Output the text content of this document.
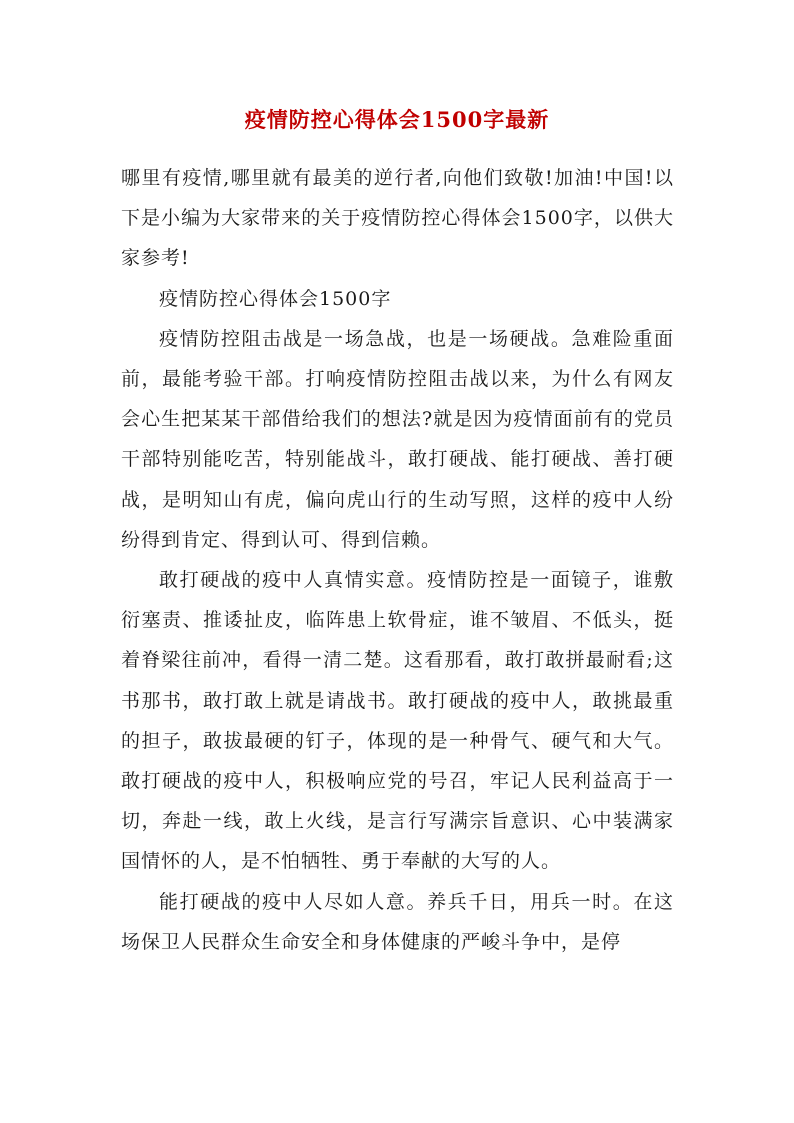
疫情防控心得体会1500字最新

哪里有疫情,哪里就有最美的逆行者,向他们致敬!加油!中国!以下是小编为大家带来的关于疫情防控心得体会1500字，以供大家参考!

疫情防控心得体会1500字

疫情防控阻击战是一场急战，也是一场硬战。急难险重面前，最能考验干部。打响疫情防控阻击战以来，为什么有网友会心生把某某干部借给我们的想法?就是因为疫情面前有的党员干部特别能吃苦，特别能战斗，敢打硬战、能打硬战、善打硬战，是明知山有虎，偏向虎山行的生动写照，这样的疫中人纷纷得到肯定、得到认可、得到信赖。

敢打硬战的疫中人真情实意。疫情防控是一面镜子，谁敷衍塞责、推诿扯皮，临阵患上软骨症，谁不皱眉、不低头，挺着脊梁往前冲，看得一清二楚。这看那看，敢打敢拼最耐看;这书那书，敢打敢上就是请战书。敢打硬战的疫中人，敢挑最重的担子，敢拔最硬的钉子，体现的是一种骨气、硬气和大气。敢打硬战的疫中人，积极响应党的号召，牢记人民利益高于一切，奔赴一线，敢上火线，是言行写满宗旨意识、心中装满家国情怀的人，是不怕牺牲、勇于奉献的大写的人。

能打硬战的疫中人尽如人意。养兵千日，用兵一时。在这场保卫人民群众生命安全和身体健康的严峻斗争中，是停
